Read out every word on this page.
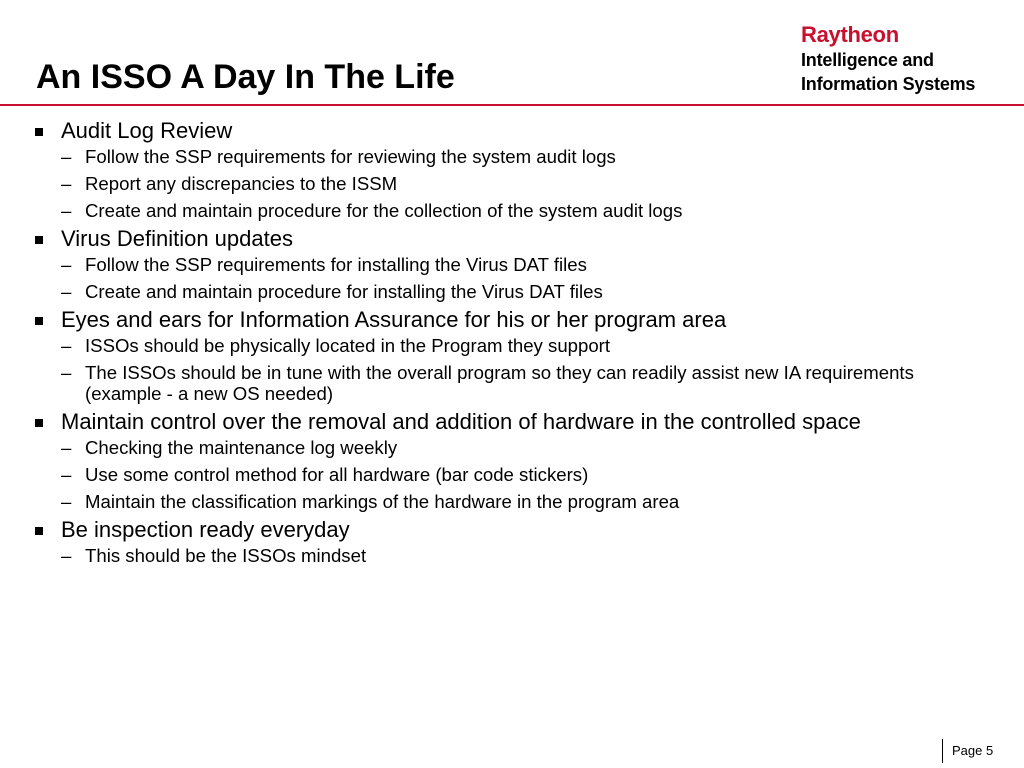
An ISSO A Day In The Life
Raytheon
Intelligence and
Information Systems
Audit Log Review
– Follow the SSP requirements for reviewing the system audit logs
– Report any discrepancies to the ISSM
– Create and maintain procedure for the collection of the system audit logs
Virus Definition updates
– Follow the SSP requirements for installing the Virus DAT files
– Create and maintain procedure for installing the Virus DAT files
Eyes and ears for Information Assurance for his or her program area
– ISSOs should be physically located in the Program they support
– The ISSOs should be in tune with the overall program so they can readily assist new IA requirements (example - a new OS needed)
Maintain control over the removal and addition of hardware in the controlled space
– Checking the maintenance log weekly
– Use some control method for all hardware (bar code stickers)
– Maintain the classification markings of the hardware in the program area
Be inspection ready everyday
– This should be the ISSOs mindset
Page 5
